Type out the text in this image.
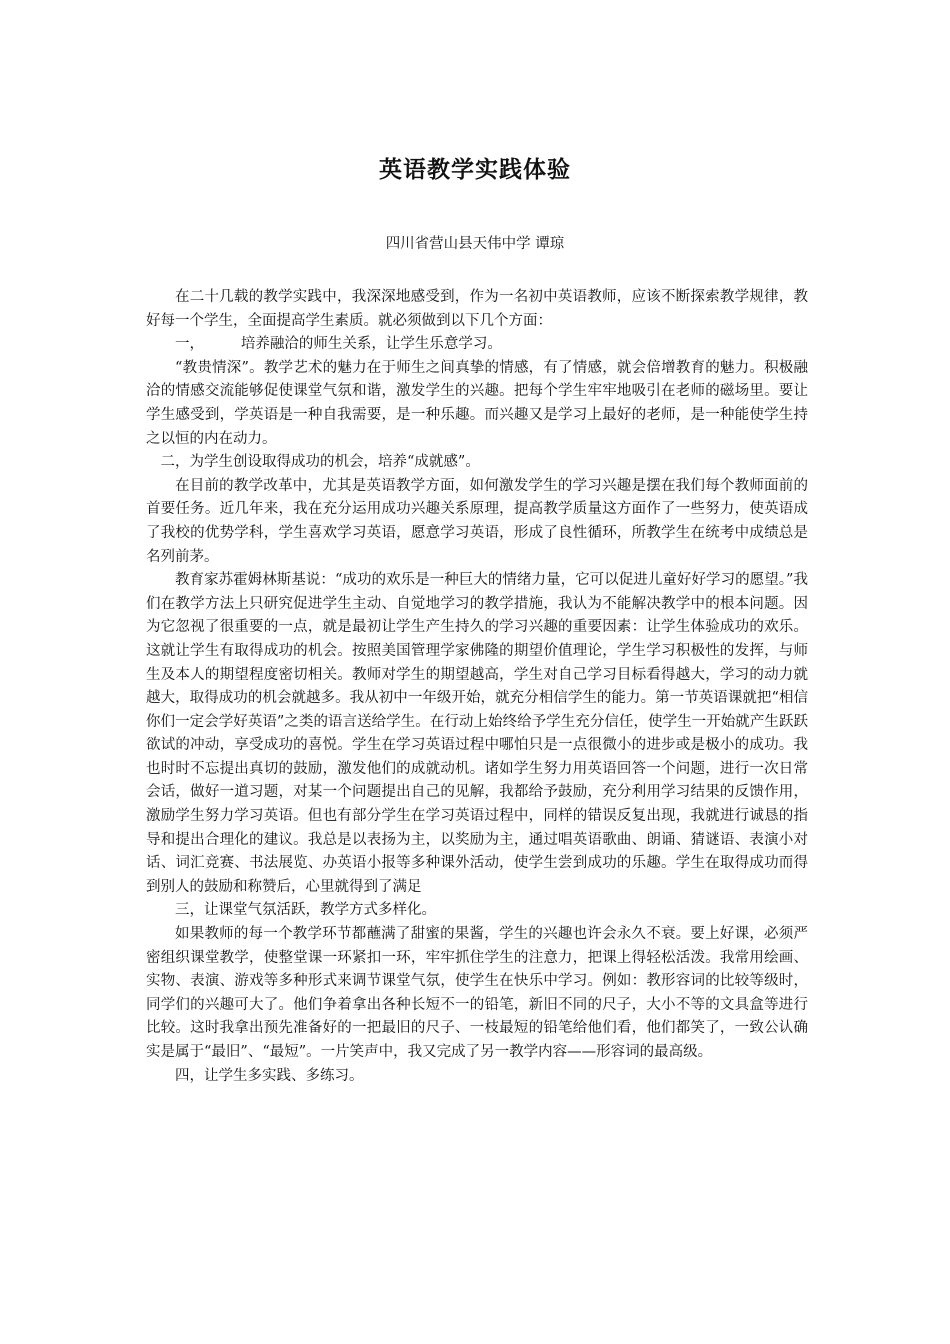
英语教学实践体验
四川省营山县天伟中学 谭琼

在二十几载的教学实践中，我深深地感受到，作为一名初中英语教师，应该不断探索教学规律，教好每一个学生，全面提高学生素质。就必须做到以下几个方面：

一，        培养融洽的师生关系，让学生乐意学习。

“教贵情深”。教学艺术的魅力在于师生之间真挚的情感，有了情感，就会倍增教育的魅力。积极融洽的情感交流能够促使课堂气氛和谐，激发学生的兴趣。把每个学生牢牢地吸引在老师的磁场里。要让学生感受到，学英语是一种自我需要，是一种乐趣。而兴趣又是学习上最好的老师，是一种能使学生持之以恒的内在动力。

二，为学生创设取得成功的机会，培养“成就感”。

在目前的教学改革中，尤其是英语教学方面，如何激发学生的学习兴趣是摆在我们每个教师面前的首要任务。近几年来，我在充分运用成功兴趣关系原理，提高教学质量这方面作了一些努力，使英语成了我校的优势学科，学生喜欢学习英语，愿意学习英语，形成了良性循环，所教学生在统考中成绩总是名列前茅。

教育家苏霍姆林斯基说：“成功的欢乐是一种巨大的情绪力量，它可以促进儿童好好学习的愿望。”我们在教学方法上只研究促进学生主动、自觉地学习的教学措施，我认为不能解决教学中的根本问题。因为它忽视了很重要的一点，就是最初让学生产生持久的学习兴趣的重要因素：让学生体验成功的欢乐。这就让学生有取得成功的机会。按照美国管理学家佛隆的期望价值理论，学生学习积极性的发挥，与师生及本人的期望程度密切相关。教师对学生的期望越高，学生对自己学习目标看得越大，学习的动力就越大，取得成功的机会就越多。我从初中一年级开始，就充分相信学生的能力。第一节英语课就把“相信你们一定会学好英语”之类的语言送给学生。在行动上始终给予学生充分信任，使学生一开始就产生跃跃欲试的冲动，享受成功的喜悦。学生在学习英语过程中哪怕只是一点很微小的进步或是极小的成功。我也时时不忘提出真切的鼓励，激发他们的成就动机。诸如学生努力用英语回答一个问题，进行一次日常会话，做好一道习题，对某一个问题提出自己的见解，我都给予鼓励，充分利用学习结果的反馈作用，激励学生努力学习英语。但也有部分学生在学习英语过程中，同样的错误反复出现，我就进行诚恳的指导和提出合理化的建议。我总是以表扬为主，以奖励为主，通过唱英语歌曲、朗诵、猜谜语、表演小对话、词汇竞赛、书法展览、办英语小报等多种课外活动，使学生尝到成功的乐趣。学生在取得成功而得到别人的鼓励和称赞后，心里就得到了满足

三，让课堂气氛活跃，教学方式多样化。

如果教师的每一个教学环节都蘸满了甜蜜的果酱，学生的兴趣也许会永久不衰。要上好课，必须严密组织课堂教学，使整堂课一环紧扣一环，牢牢抓住学生的注意力，把课上得轻松活泼。我常用绘画、实物、表演、游戏等多种形式来调节课堂气氛，使学生在快乐中学习。例如：教形容词的比较等级时，同学们的兴趣可大了。他们争着拿出各种长短不一的铅笔，新旧不同的尺子，大小不等的文具盒等进行比较。这时我拿出预先准备好的一把最旧的尺子、一枝最短的铅笔给他们看，他们都笑了，一致公认确实是属于“最旧”、“最短”。一片笑声中，我又完成了另一教学内容——形容词的最高级。

四，让学生多实践、多练习。
